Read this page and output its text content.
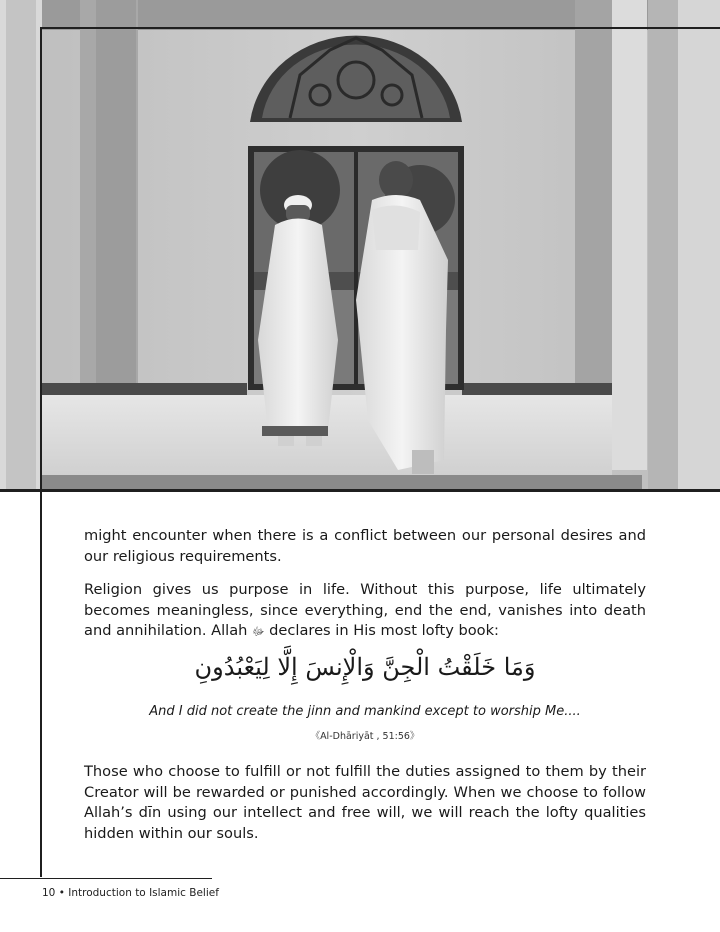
might encounter when there is a conflict between our personal desires and our religious requirements.

Religion gives us purpose in life. Without this purpose, life ultimately becomes meaningless, since everything, end the end, vanishes into death and annihilation. Allah ﷻ declares in His most lofty book:

وَمَا خَلَقْتُ الْجِنَّ وَالْإِنسَ إِلَّا لِيَعْبُدُونِ
And I did not create the jinn and mankind except to worship Me....
《Al-Dhāriyāt , 51:56》

Those who choose to fulfill or not fulfill the duties assigned to them by their Creator will be rewarded or punished accordingly. When we choose to follow Allah’s dīn using our intellect and free will, we will reach the lofty qualities hidden within our souls.

10 • Introduction to Islamic Belief
